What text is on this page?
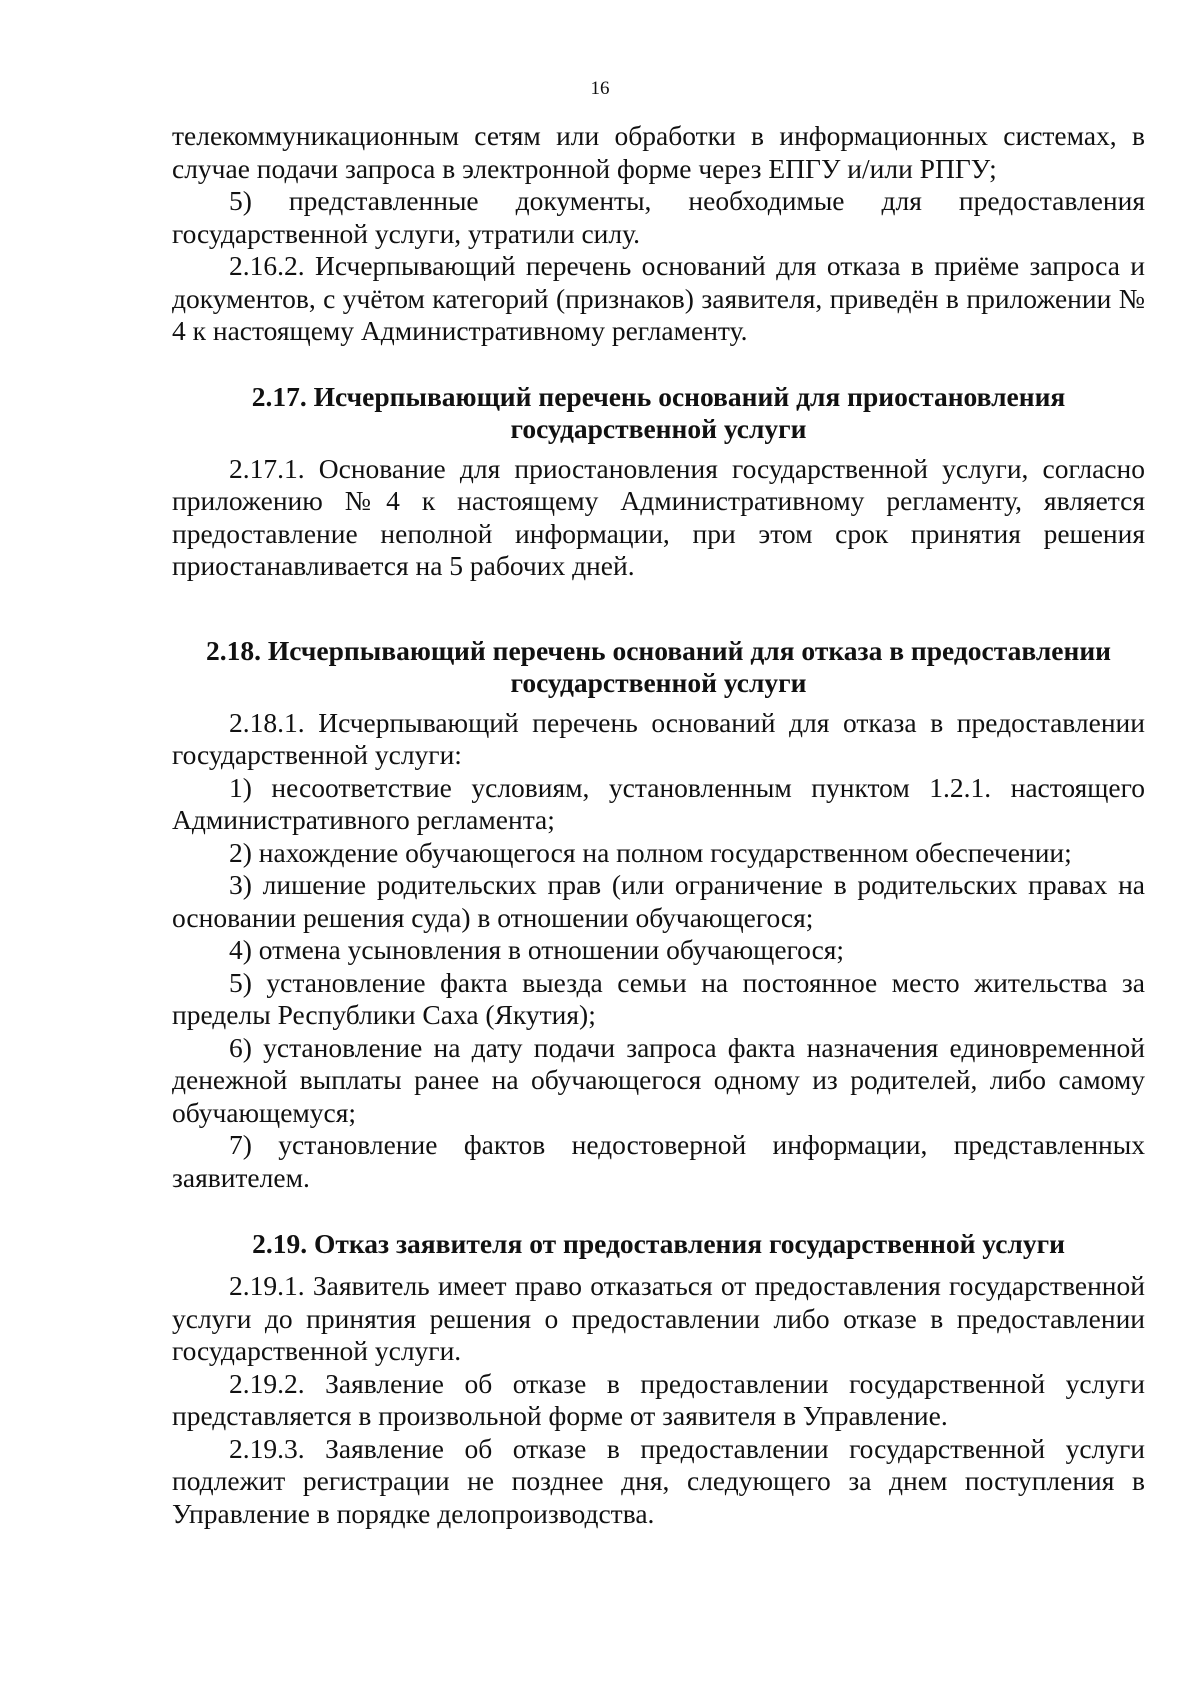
16

телекоммуникационным сетям или обработки в информационных системах, в случае подачи запроса в электронной форме через ЕПГУ и/или РПГУ;

5) представленные документы, необходимые для предоставления государственной услуги, утратили силу.

2.16.2. Исчерпывающий перечень оснований для отказа в приёме запроса и документов, с учётом категорий (признаков) заявителя, приведён в приложении № 4 к настоящему Административному регламенту.

2.17. Исчерпывающий перечень оснований для приостановления
государственной услуги

2.17.1. Основание для приостановления государственной услуги, согласно приложению №4 к настоящему Административному регламенту, является предоставление неполной информации, при этом срок принятия решения приостанавливается на 5 рабочих дней.

2.18. Исчерпывающий перечень оснований для отказа в предоставлении
государственной услуги

2.18.1. Исчерпывающий перечень оснований для отказа в предоставлении государственной услуги:

1) несоответствие условиям, установленным пунктом 1.2.1. настоящего Административного регламента;

2) нахождение обучающегося на полном государственном обеспечении;

3) лишение родительских прав (или ограничение в родительских правах на основании решения суда) в отношении обучающегося;

4) отмена усыновления в отношении обучающегося;

5) установление факта выезда семьи на постоянное место жительства за пределы Республики Саха (Якутия);

6) установление на дату подачи запроса факта назначения единовременной денежной выплаты ранее на обучающегося одному из родителей, либо самому обучающемуся;

7) установление фактов недостоверной информации, представленных заявителем.

2.19. Отказ заявителя от предоставления государственной услуги

2.19.1. Заявитель имеет право отказаться от предоставления государственной услуги до принятия решения о предоставлении либо отказе в предоставлении государственной услуги.

2.19.2. Заявление об отказе в предоставлении государственной услуги представляется в произвольной форме от заявителя в Управление.

2.19.3. Заявление об отказе в предоставлении государственной услуги подлежит регистрации не позднее дня, следующего за днем поступления в Управление в порядке делопроизводства.
